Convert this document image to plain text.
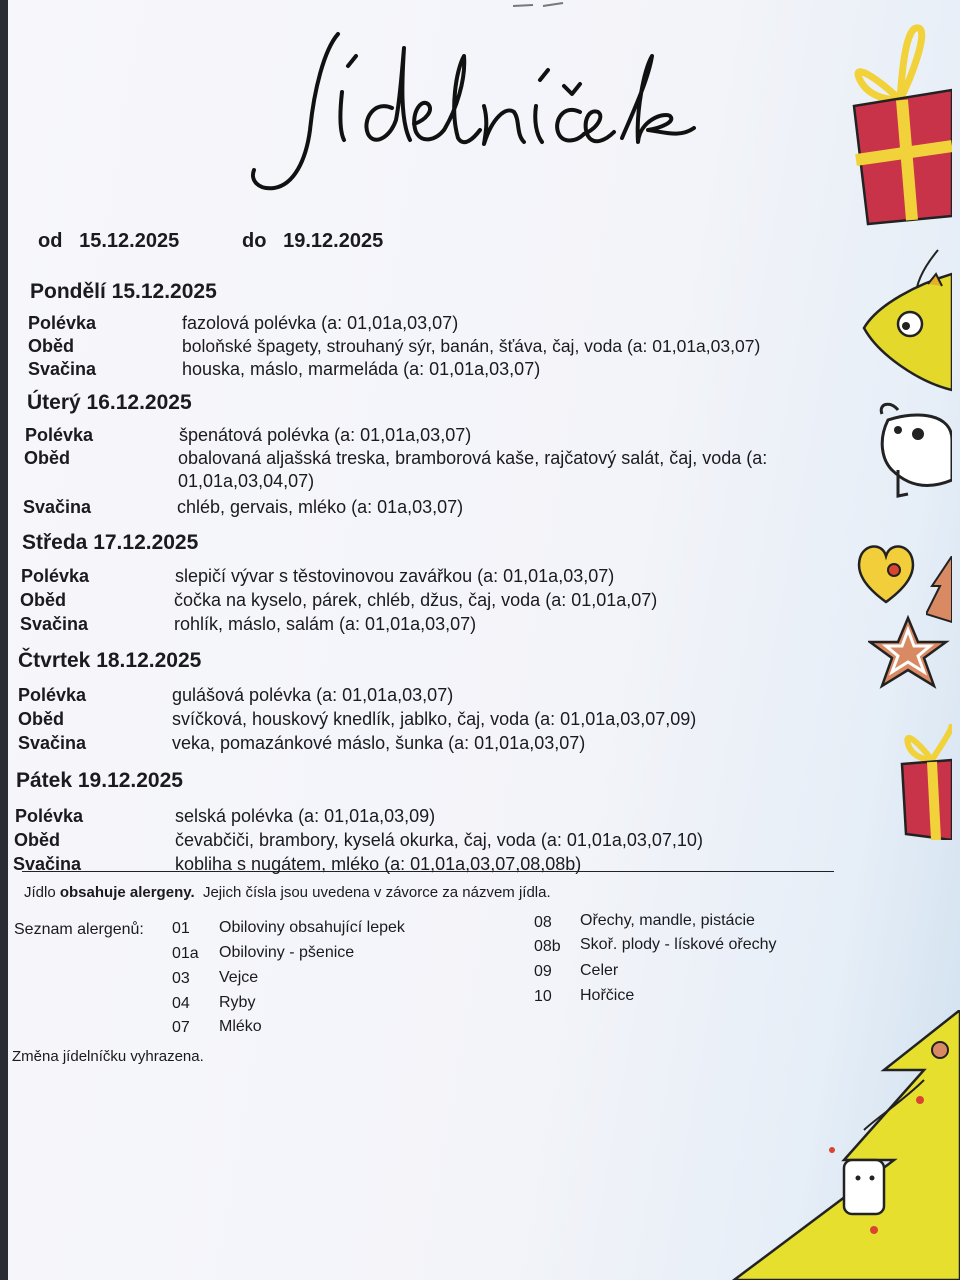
od 15.12.2025	do 19.12.2025
Pondělí 15.12.2025
Polévka	fazolová polévka (a: 01,01a,03,07)
Oběd	boloňské špagety, strouhaný sýr, banán, šťáva, čaj, voda (a: 01,01a,03,07)
Svačina	houska, máslo, marmeláda (a: 01,01a,03,07)
Úterý 16.12.2025
Polévka	špenátová polévka (a: 01,01a,03,07)
Oběd	obalovaná aljašská treska, bramborová kaše, rajčatový salát, čaj, voda (a: 01,01a,03,04,07)
Svačina	chléb, gervais, mléko (a: 01a,03,07)
Středa 17.12.2025
Polévka	slepičí vývar s těstovinovou zavářkou (a: 01,01a,03,07)
Oběd	čočka na kyselo, párek, chléb, džus, čaj, voda (a: 01,01a,07)
Svačina	rohlík, máslo, salám (a: 01,01a,03,07)
Čtvrtek 18.12.2025
Polévka	gulášová polévka (a: 01,01a,03,07)
Oběd	svíčková, houskový knedlík, jablko, čaj, voda (a: 01,01a,03,07,09)
Svačina	veka, pomazánkové máslo, šunka (a: 01,01a,03,07)
Pátek 19.12.2025
Polévka	selská polévka (a: 01,01a,03,09)
Oběd	čevabčiči, brambory, kyselá okurka, čaj, voda (a: 01,01a,03,07,10)
Svačina	kobliha s nugátem, mléko (a: 01,01a,03,07,08,08b)
Jídlo obsahuje alergeny. Jejich čísla jsou uvedena v závorce za názvem jídla.
Seznam alergenů: 01 Obiloviny obsahující lepek
01a Obiloviny - pšenice
03 Vejce
04 Ryby
07 Mléko
08 Ořechy, mandle, pistácie
08b Skoř. plody - lískové ořechy
09 Celer
10 Hořčice
Změna jídelníčku vyhrazena.
